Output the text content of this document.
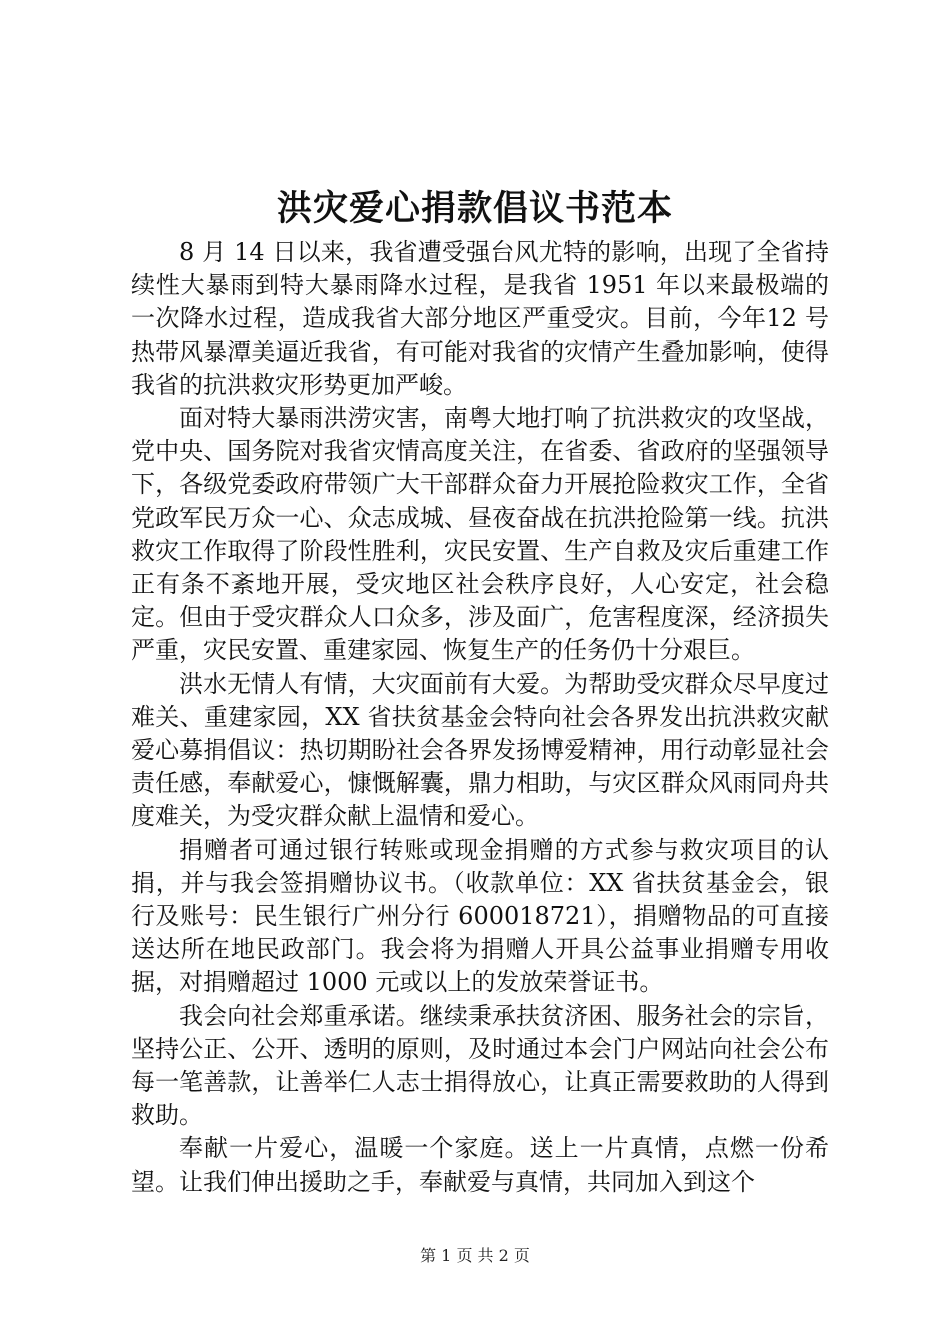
洪灾爱心捐款倡议书范本

8 月 14 日以来，我省遭受强台风尤特的影响，出现了全省持续性大暴雨到特大暴雨降水过程，是我省 1951 年以来最极端的一次降水过程，造成我省大部分地区严重受灾。目前，今年12 号热带风暴潭美逼近我省，有可能对我省的灾情产生叠加影响，使得我省的抗洪救灾形势更加严峻。

面对特大暴雨洪涝灾害，南粤大地打响了抗洪救灾的攻坚战，党中央、国务院对我省灾情高度关注，在省委、省政府的坚强领导下，各级党委政府带领广大干部群众奋力开展抢险救灾工作，全省党政军民万众一心、众志成城、昼夜奋战在抗洪抢险第一线。抗洪救灾工作取得了阶段性胜利，灾民安置、生产自救及灾后重建工作正有条不紊地开展，受灾地区社会秩序良好，人心安定，社会稳定。但由于受灾群众人口众多，涉及面广，危害程度深，经济损失严重，灾民安置、重建家园、恢复生产的任务仍十分艰巨。

洪水无情人有情，大灾面前有大爱。为帮助受灾群众尽早度过难关、重建家园，XX 省扶贫基金会特向社会各界发出抗洪救灾献爱心募捐倡议：热切期盼社会各界发扬博爱精神，用行动彰显社会责任感，奉献爱心，慷慨解囊，鼎力相助，与灾区群众风雨同舟共度难关，为受灾群众献上温情和爱心。

捐赠者可通过银行转账或现金捐赠的方式参与救灾项目的认捐，并与我会签捐赠协议书。（收款单位：XX 省扶贫基金会，银行及账号：民生银行广州分行 600018721），捐赠物品的可直接送达所在地民政部门。我会将为捐赠人开具公益事业捐赠专用收据，对捐赠超过 1000 元或以上的发放荣誉证书。

我会向社会郑重承诺。继续秉承扶贫济困、服务社会的宗旨，坚持公正、公开、透明的原则，及时通过本会门户网站向社会公布每一笔善款，让善举仁人志士捐得放心，让真正需要救助的人得到救助。

奉献一片爱心，温暖一个家庭。送上一片真情，点燃一份希望。让我们伸出援助之手，奉献爱与真情，共同加入到这个

第 1 页 共 2 页
